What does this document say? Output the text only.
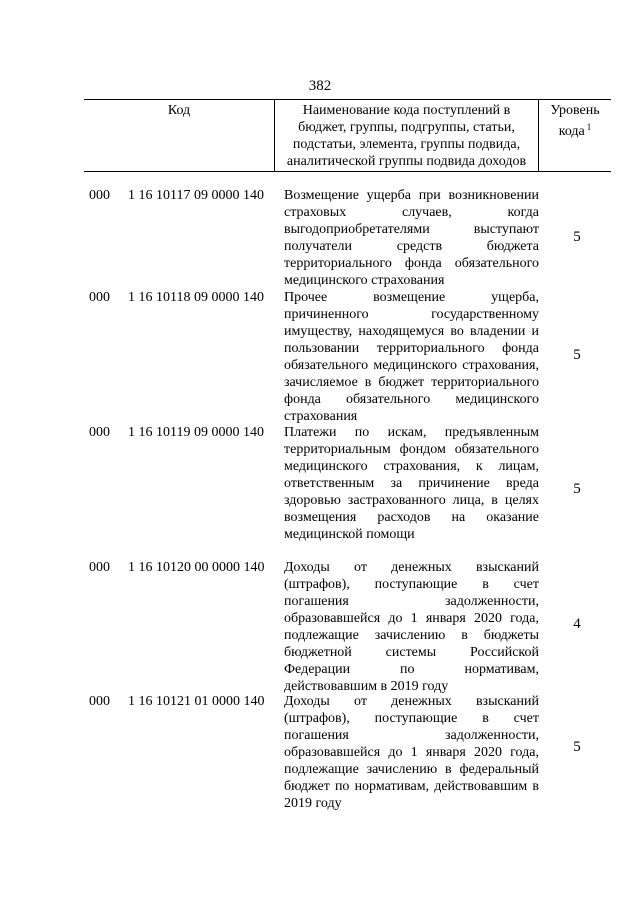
382
Код	Наименование кода поступлений в бюджет, группы, подгруппы, статьи, подстатьи, элемента, группы подвида, аналитической группы подвида доходов	
Уровень
кода $^1$
000 1 16 10117 09 0000 140 Возмещение ущерба при возникновении страховых случаев, когда выгодоприобретателями выступают получатели средств бюджета территориального фонда обязательного медицинского страхования
5
000 1 16 10118 09 0000 140 Прочее возмещение ущерба, причиненного государственному имуществу, находящемуся во владении и пользовании территориального фонда обязательного медицинского страхования, зачисляемое в бюджет территориального фонда обязательного медицинского страхования
5
000 1 16 10119 09 0000 140 Платежи по искам, предъявленным территориальным фондом обязательного медицинского страхования, к лицам, ответственным за причинение вреда здоровью застрахованного лица, в целях возмещения расходов на оказание медицинской помощи
5
000 1 16 10120 00 0000 140 Доходы от денежных взысканий (штрафов), поступающие в счет погашения задолженности, образовавшейся до 1 января 2020 года, подлежащие зачислению в бюджеты бюджетной системы Российской Федерации по нормативам, действовавшим в 2019 году
4
000 1 16 10121 01 0000 140 Доходы от денежных взысканий (штрафов), поступающие в счет погашения задолженности, образовавшейся до 1 января 2020 года, подлежащие зачислению в федеральный бюджет по нормативам, действовавшим в 2019 году
5
